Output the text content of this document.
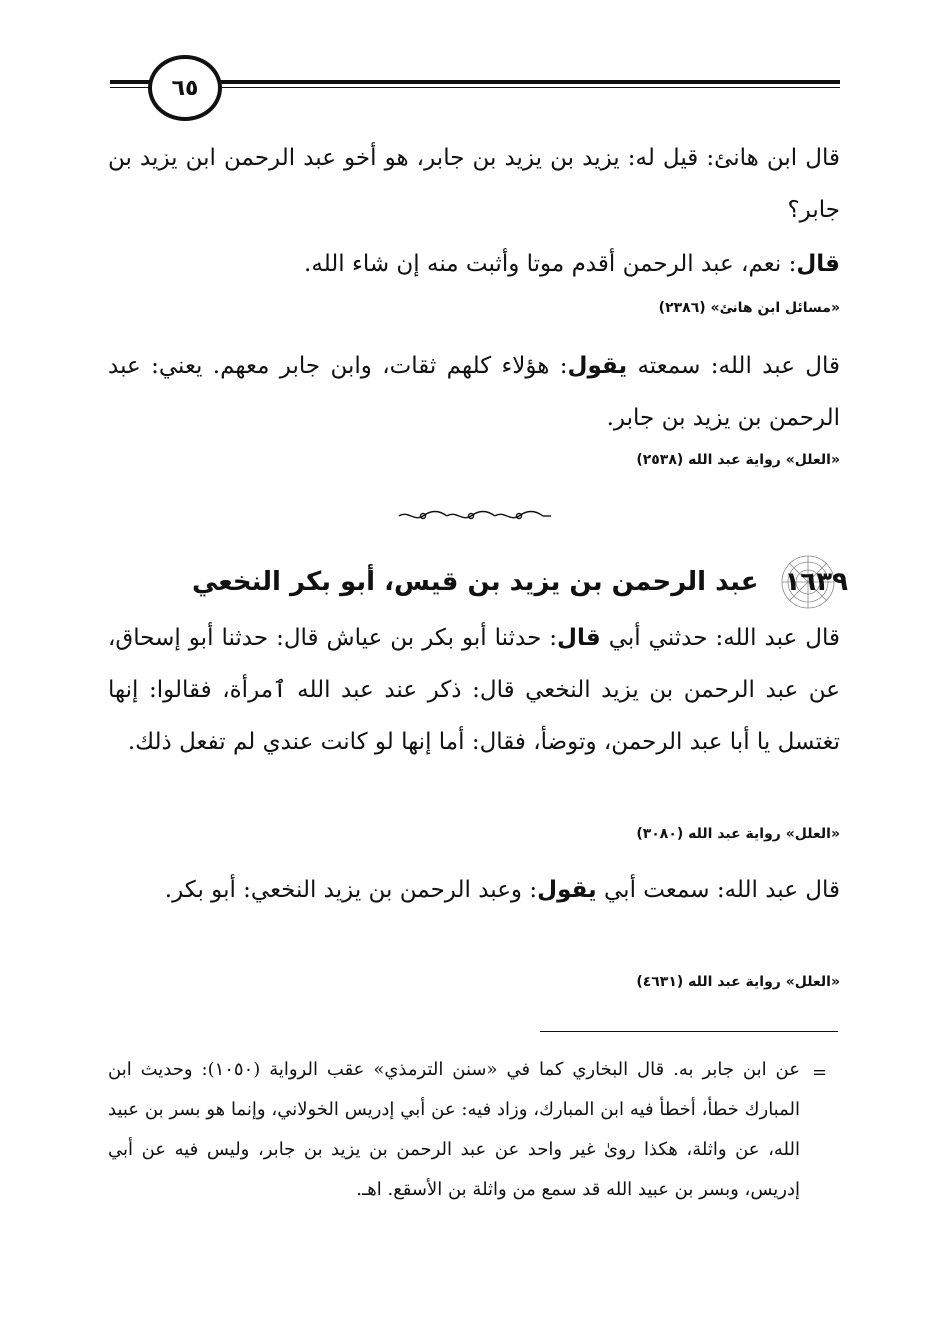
٦٥

قال ابن هانئ: قيل له: يزيد بن يزيد بن جابر، هو أخو عبد الرحمن ابن يزيد بن جابر؟

قال: نعم، عبد الرحمن أقدم موتا وأثبت منه إن شاء الله.

«مسائل ابن هانئ» (٢٣٨٦)

قال عبد الله: سمعته يقول: هؤلاء كلهم ثقات، وابن جابر معهم. يعني: عبد الرحمن بن يزيد بن جابر.

«العلل» رواية عبد الله (٢٥٣٨)
١٦٣٩
عبد الرحمن بن يزيد بن قيس، أبو بكر النخعي

قال عبد الله: حدثني أبي قال: حدثنا أبو بكر بن عياش قال: حدثنا أبو إسحاق، عن عبد الرحمن بن يزيد النخعي قال: ذكر عند عبد الله ٱمرأة، فقالوا: إنها تغتسل يا أبا عبد الرحمن، وتوضأ، فقال: أما إنها لو كانت عندي لم تفعل ذلك.

«العلل» رواية عبد الله (٣٠٨٠)

قال عبد الله: سمعت أبي يقول: وعبد الرحمن بن يزيد النخعي: أبو بكر.

«العلل» رواية عبد الله (٤٦٣١)
=
عن ابن جابر به. قال البخاري كما في «سنن الترمذي» عقب الرواية (١٠٥٠): وحديث ابن المبارك خطأ، أخطأ فيه ابن المبارك، وزاد فيه: عن أبي إدريس الخولاني، وإنما هو بسر بن عبيد الله، عن واثلة، هكذا روىٰ غير واحد عن عبد الرحمن بن يزيد بن جابر، وليس فيه عن أبي إدريس، وبسر بن عبيد الله قد سمع من واثلة بن الأسقع. اهـ.
